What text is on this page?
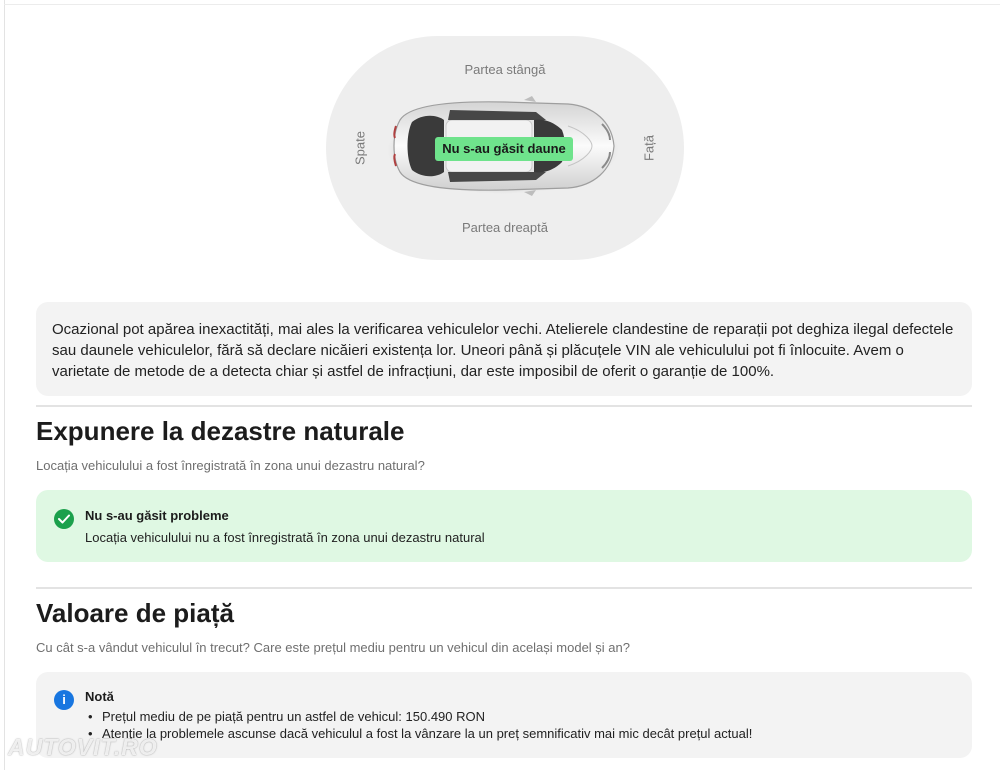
Partea stângă
Partea dreaptă
Spate	Față
Nu s-au găsit daune
Ocazional pot apărea inexactități, mai ales la verificarea vehiculelor vechi. Atelierele clandestine de reparații pot deghiza ilegal defectele sau daunele vehiculelor, fără să declare nicăieri existența lor. Uneori până și plăcuțele VIN ale vehiculului pot fi înlocuite. Avem o varietate de metode de a detecta chiar și astfel de infracțiuni, dar este imposibil de oferit o garanție de 100%.
Expunere la dezastre naturale
Locația vehiculului a fost înregistrată în zona unui dezastru natural?
Nu s-au găsit probleme
Locația vehiculului nu a fost înregistrată în zona unui dezastru natural
Valoare de piață
Cu cât s-a vândut vehiculul în trecut? Care este prețul mediu pentru un vehicul din același model și an?
i	Notă
• Prețul mediu de pe piață pentru un astfel de vehicul: 150.490 RON
• Atenție la problemele ascunse dacă vehiculul a fost la vânzare la un preț semnificativ mai mic decât prețul actual!
AUTOVIT.RO
